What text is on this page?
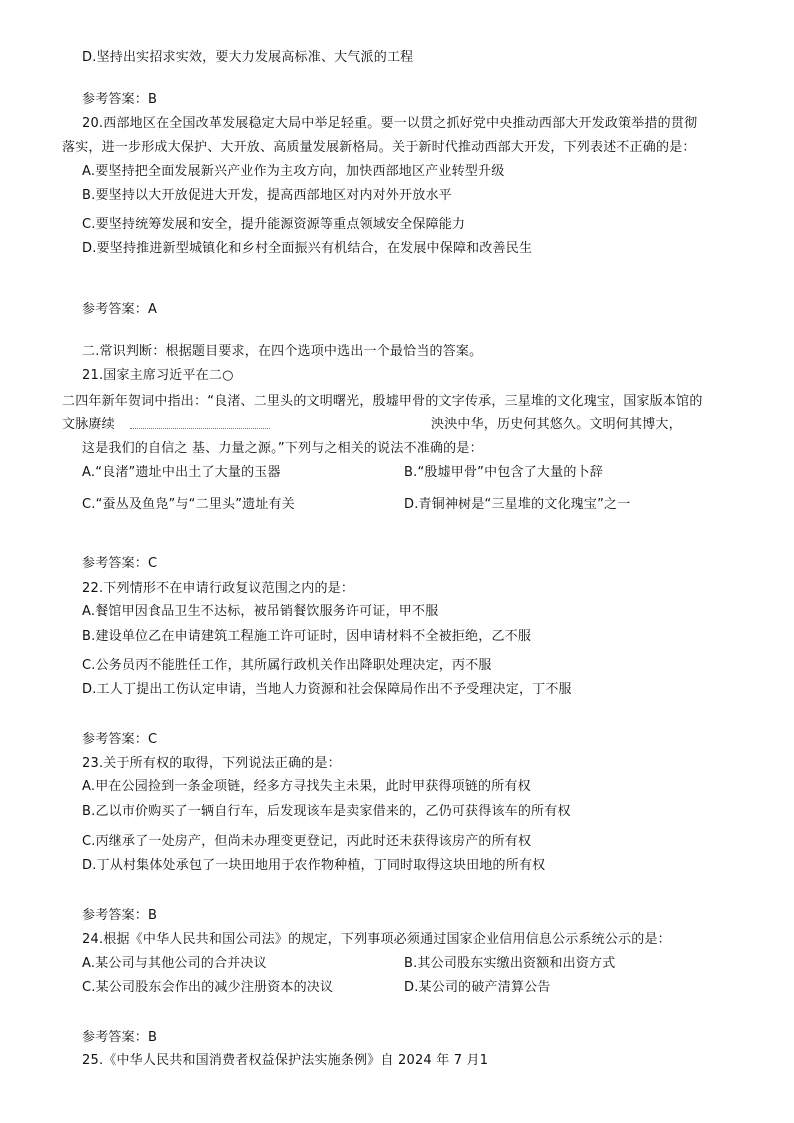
D.坚持出实招求实效，要大力发展高标准、大气派的工程
参考答案：B
20.西部地区在全国改革发展稳定大局中举足轻重。要一以贯之抓好党中央推动西部大开发政策举措的贯彻
落实，进一步形成大保护、大开放、高质量发展新格局。关于新时代推动西部大开发，下列表述不正确的是：
A.要坚持把全面发展新兴产业作为主攻方向，加快西部地区产业转型升级
B.要坚持以大开放促进大开发，提高西部地区对内对外开放水平
C.要坚持统筹发展和安全，提升能源资源等重点领域安全保障能力
D.要坚持推进新型城镇化和乡村全面振兴有机结合，在发展中保障和改善民生
参考答案：A
二.常识判断：根据题目要求，在四个选项中选出一个最恰当的答案。
21.国家主席习近平在二○
二四年新年贺词中指出：“良渚、二里头的文明曙光，殷墟甲骨的文字传承，三星堆的文化瑰宝，国家版本馆的
文脉赓续	泱泱中华，历史何其悠久。文明何其博大，
这是我们的自信之 基、力量之源。”下列与之相关的说法不准确的是：
A.“良渚”遗址中出土了大量的玉器	B.“殷墟甲骨”中包含了大量的卜辞
C.“蚕丛及鱼凫”与“二里头”遗址有关	D.青铜神树是“三星堆的文化瑰宝”之一
参考答案：C
22.下列情形不在申请行政复议范围之内的是：
A.餐馆甲因食品卫生不达标，被吊销餐饮服务许可证，甲不服
B.建设单位乙在申请建筑工程施工许可证时，因申请材料不全被拒绝，乙不服
C.公务员丙不能胜任工作，其所属行政机关作出降职处理决定，丙不服
D.工人丁提出工伤认定申请，当地人力资源和社会保障局作出不予受理决定，丁不服
参考答案：C
23.关于所有权的取得，下列说法正确的是：
A.甲在公园捡到一条金项链，经多方寻找失主未果，此时甲获得项链的所有权
B.乙以市价购买了一辆自行车，后发现该车是卖家借来的，乙仍可获得该车的所有权
C.丙继承了一处房产，但尚未办理变更登记，丙此时还未获得该房产的所有权
D.丁从村集体处承包了一块田地用于农作物种植，丁同时取得这块田地的所有权
参考答案：B
24.根据《中华人民共和国公司法》的规定，下列事项必须通过国家企业信用信息公示系统公示的是：
A.某公司与其他公司的合并决议	B.其公司股东实缴出资额和出资方式
C.某公司股东会作出的减少注册资本的决议	D.某公司的破产清算公告
参考答案：B
25.《中华人民共和国消费者权益保护法实施条例》自 2024 年 7 月1
